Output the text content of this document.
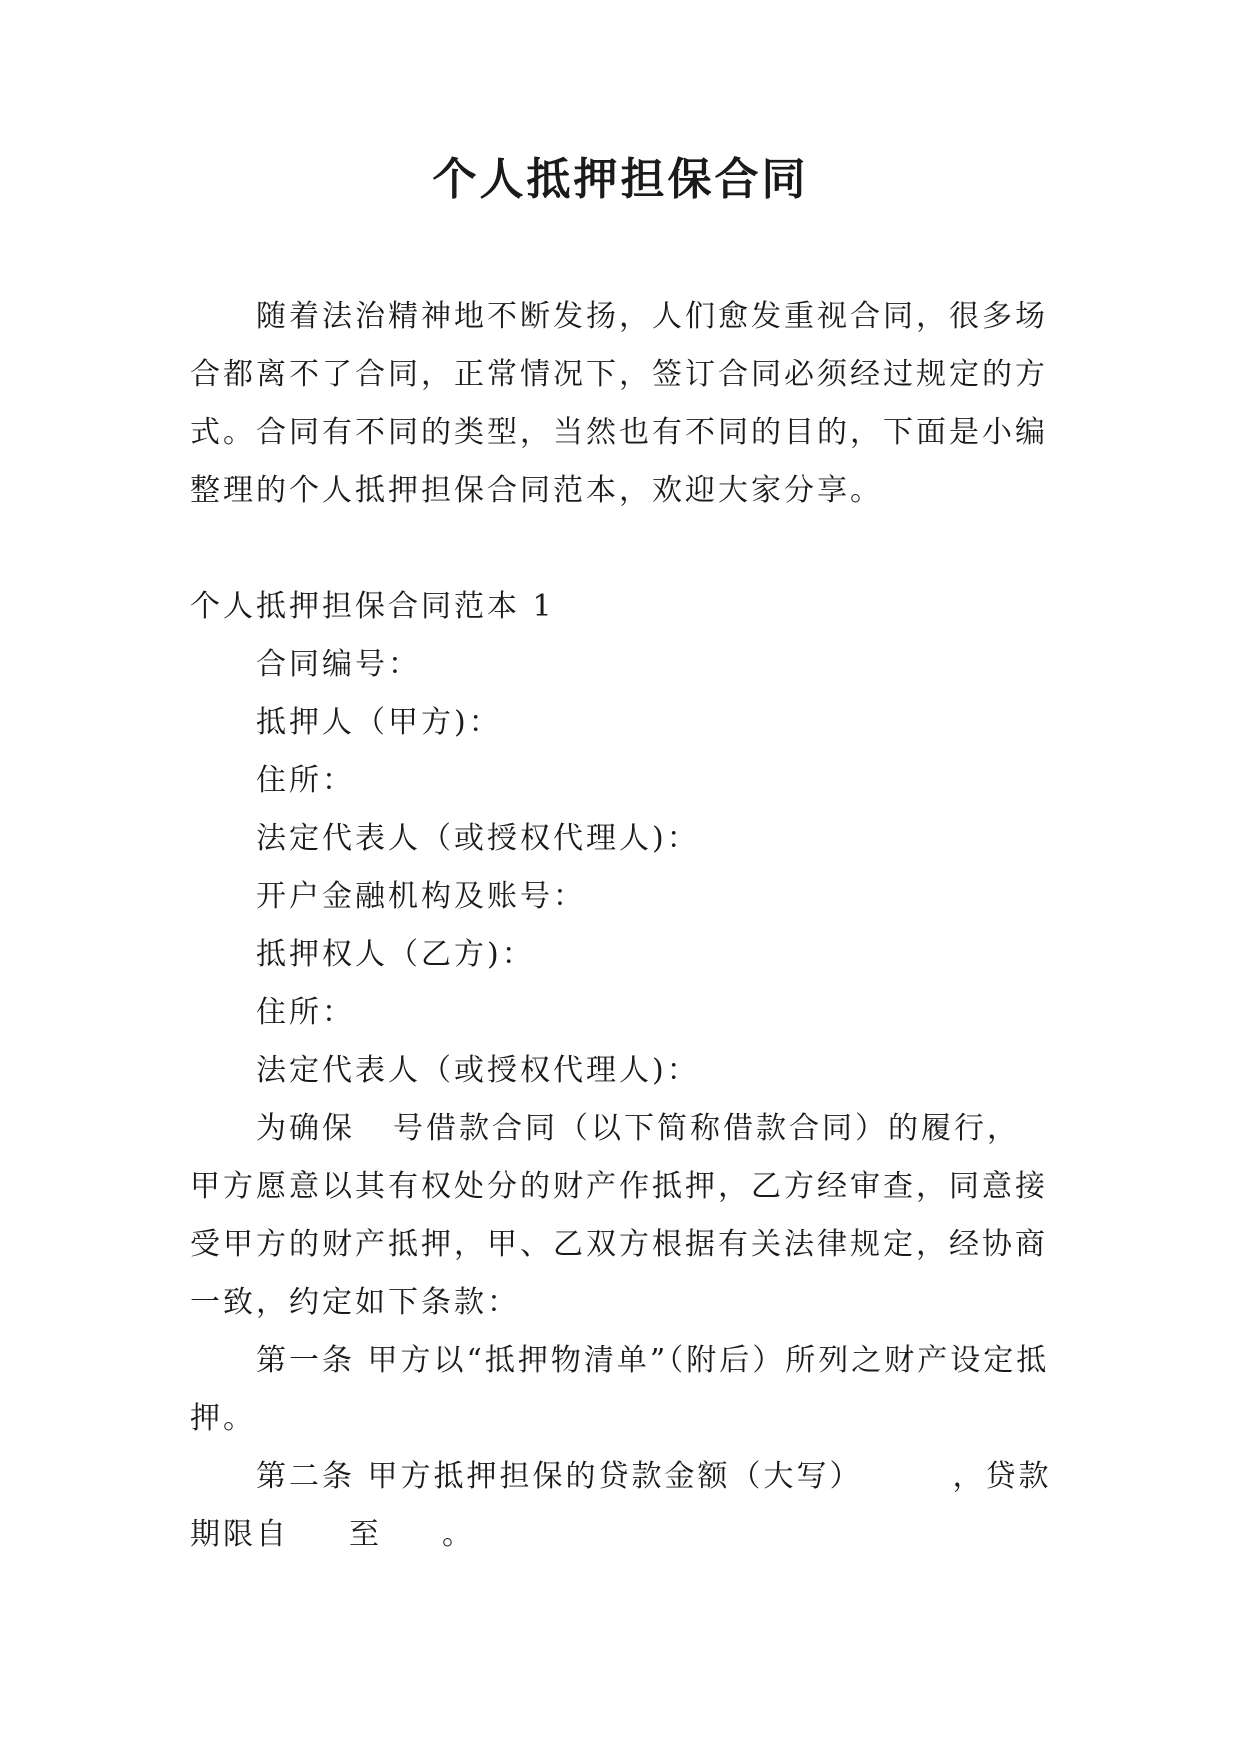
个人抵押担保合同

随着法治精神地不断发扬，人们愈发重视合同，很多场合都离不了合同，正常情况下，签订合同必须经过规定的方式。合同有不同的类型，当然也有不同的目的，下面是小编整理的个人抵押担保合同范本，欢迎大家分享。

个人抵押担保合同范本 1

合同编号：

抵押人（甲方)：

住所：

法定代表人（或授权代理人)：

开户金融机构及账号：

抵押权人（乙方)：

住所：

法定代表人（或授权代理人)：

为确保 号借款合同（以下简称借款合同）的履行，甲方愿意以其有权处分的财产作抵押，乙方经审查，同意接受甲方的财产抵押，甲、乙双方根据有关法律规定，经协商一致，约定如下条款：

第一条 甲方以“抵押物清单”（附后）所列之财产设定抵押。

第二条 甲方抵押担保的贷款金额（大写）	，贷款期限自 至 。
